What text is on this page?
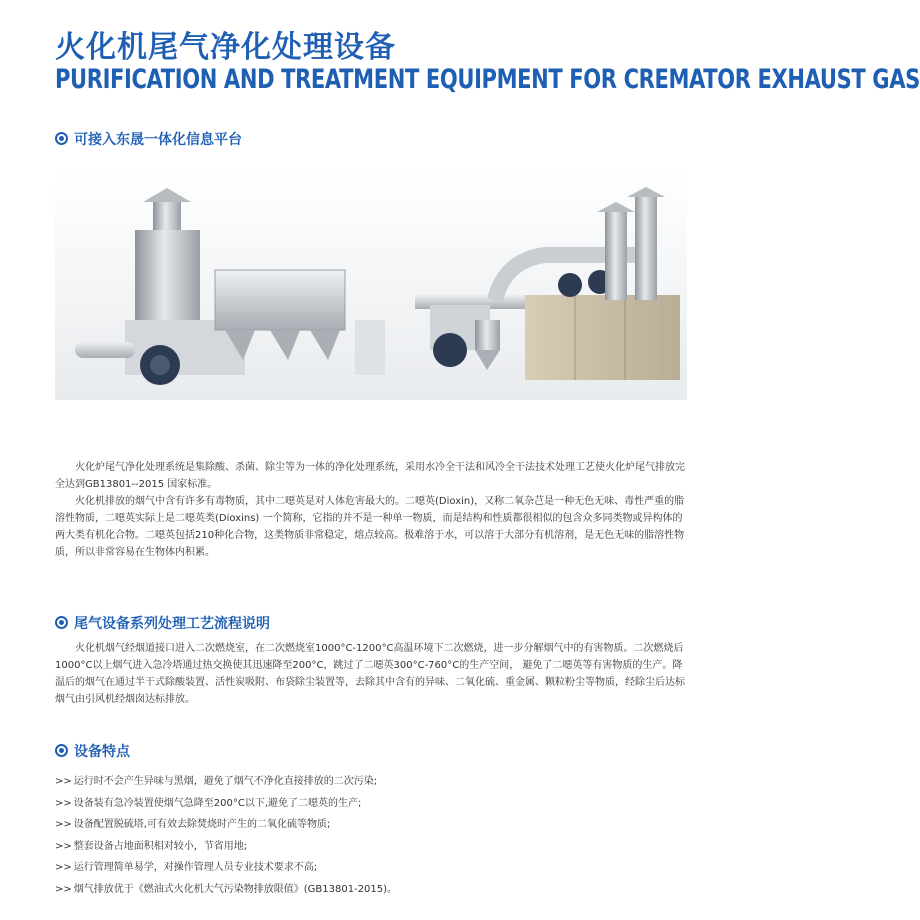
火化机尾气净化处理设备
PURIFICATION AND TREATMENT EQUIPMENT FOR CREMATOR EXHAUST GAS
可接入东晟一体化信息平台

火化炉尾气净化处理系统是集除酸、杀菌、除尘等为一体的净化处理系统，采用水冷全干法和风冷全干法技术处理工艺使火化炉尾气排放完全达到GB13801--2015 国家标准。

火化机排放的烟气中含有许多有毒物质，其中二噁英是对人体危害最大的。二噁英(Dioxin)，又称二氧杂芑是一种无色无味、毒性严重的脂溶性物质，二噁英实际上是二噁英类(Dioxins) 一个简称，它指的并不是一种单一物质，而是结构和性质都很相似的包含众多同类物或异构体的两大类有机化合物。二噁英包括210种化合物，这类物质非常稳定，熔点较高。极难溶于水，可以溶于大部分有机溶剂，是无色无味的脂溶性物质，所以非常容易在生物体内积累。

尾气设备系列处理工艺流程说明

火化机烟气经烟道接口进入二次燃烧室，在二次燃烧室1000°C-1200°C高温环境下二次燃烧，进一步分解烟气中的有害物质。二次燃烧后1000°C以上烟气进入急冷塔通过热交换使其迅速降至200°C，跳过了二噁英300°C-760°C的生产空间， 避免了二噁英等有害物质的生产。降温后的烟气在通过半干式除酸装置、活性炭吸附、布袋除尘装置等，去除其中含有的异味、二氧化硫、重金属、颗粒粉尘等物质，经除尘后达标烟气由引风机经烟囱达标排放。

设备特点
>> 运行时不会产生异味与黑烟，避免了烟气不净化直接排放的二次污染;
>> 设备装有急冷装置使烟气急降至200°C以下,避免了二噁英的生产;
>> 设备配置脱硫塔,可有效去除焚烧时产生的二氧化硫等物质;
>> 整套设备占地面积相对较小，节省用地;
>> 运行管理简单易学，对操作管理人员专业技术要求不高;
>> 烟气排放优于《燃油式火化机大气污染物排放限值》(GB13801-2015)。
